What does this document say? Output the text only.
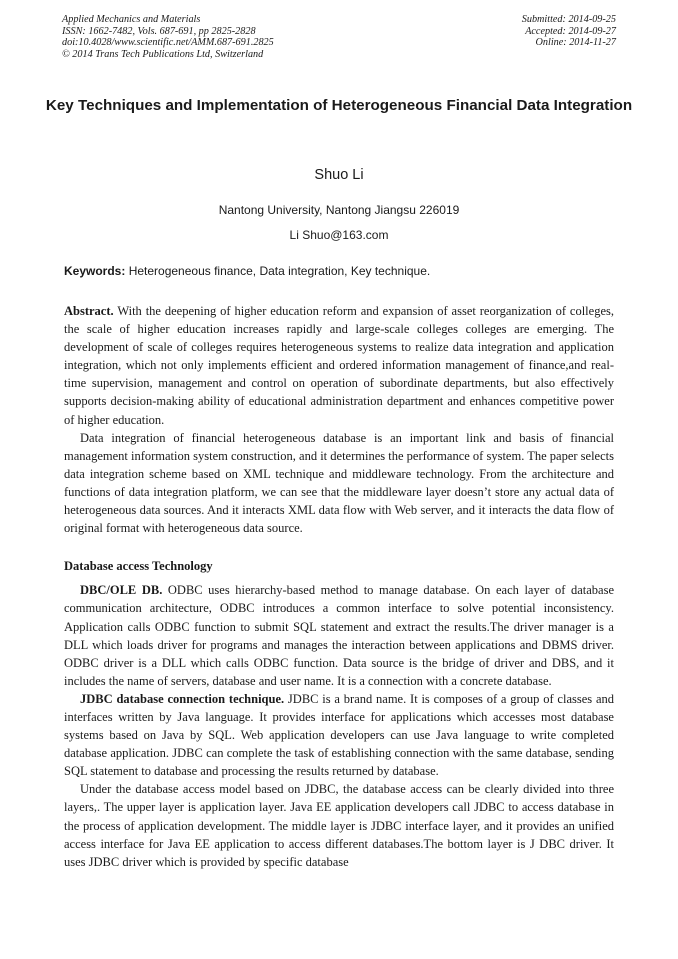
Applied Mechanics and Materials
ISSN: 1662-7482, Vols. 687-691, pp 2825-2828
doi:10.4028/www.scientific.net/AMM.687-691.2825
© 2014 Trans Tech Publications Ltd, Switzerland
Submitted: 2014-09-25
Accepted: 2014-09-27
Online: 2014-11-27
Key Techniques and Implementation of Heterogeneous Financial Data Integration
Shuo Li
Nantong University, Nantong Jiangsu 226019
Li Shuo@163.com
Keywords: Heterogeneous finance, Data integration, Key technique.

Abstract. With the deepening of higher education reform and expansion of asset reorganization of colleges, the scale of higher education increases rapidly and large-scale colleges colleges are emerging. The development of scale of colleges requires heterogeneous systems to realize data integration and application integration, which not only implements efficient and ordered information management of finance,and real-time supervision, management and control on operation of subordinate departments, but also effectively supports decision-making ability of educational administration department and enhances competitive power of higher education.

Data integration of financial heterogeneous database is an important link and basis of financial management information system construction, and it determines the performance of system. The paper selects data integration scheme based on XML technique and middleware technology. From the architecture and functions of data integration platform, we can see that the middleware layer doesn’t store any actual data of heterogeneous data sources. And it interacts XML data flow with Web server, and it interacts the data flow of original format with heterogeneous data source.

Database access Technology

DBC/OLE DB. ODBC uses hierarchy-based method to manage database. On each layer of database communication architecture, ODBC introduces a common interface to solve potential inconsistency. Application calls ODBC function to submit SQL statement and extract the results.The driver manager is a DLL which loads driver for programs and manages the interaction between applications and DBMS driver. ODBC driver is a DLL which calls ODBC function. Data source is the bridge of driver and DBS, and it includes the name of servers, database and user name. It is a connection with a concrete database.

JDBC database connection technique. JDBC is a brand name. It is composes of a group of classes and interfaces written by Java language. It provides interface for applications which accesses most database systems based on Java by SQL. Web application developers can use Java language to write completed database application. JDBC can complete the task of establishing connection with the same database, sending SQL statement to database and processing the results returned by database.

Under the database access model based on JDBC, the database access can be clearly divided into three layers,. The upper layer is application layer. Java EE application developers call JDBC to access database in the process of application development. The middle layer is JDBC interface layer, and it provides an unified access interface for Java EE application to access different databases.The bottom layer is J DBC driver. It uses JDBC driver which is provided by specific database
